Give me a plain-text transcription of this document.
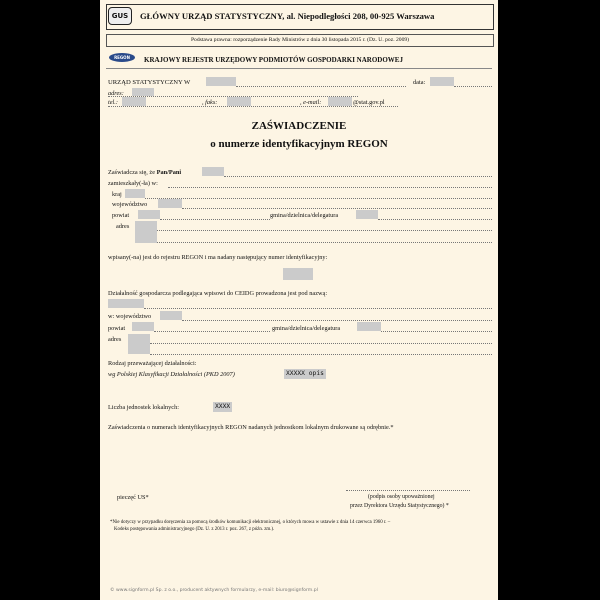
GUS	GŁÓWNY URZĄD STATYSTYCZNY, al. Niepodległości 208, 00-925 Warszawa
Podstawa prawna: rozporządzenie Rady Ministrów z dnia 30 listopada 2015 r. (Dz. U. poz. 2009)
REGON	KRAJOWY REJESTR URZĘDOWY PODMIOTÓW GOSPODARKI NARODOWEJ
URZĄD STATYSTYCZNY W	data:
adres:
tel.:	, faks:	, e-mail:	@stat.gov.pl
ZAŚWIADCZENIE
o numerze identyfikacyjnym REGON
Zaświadcza się, że Pan/Pani
zamieszkały(-ła) w:
kraj
województwo
powiat	gmina/dzielnica/delegatura
adres
wpisany(-na) jest do rejestru REGON i ma nadany następujący numer identyfikacyjny:
Działalność gospodarcza podlegająca wpisowi do CEIDG prowadzona jest pod nazwą:
w: województwo
powiat	gmina/dzielnica/delegatura
adres
Rodzaj przeważającej działalności:
wg Polskiej Klasyfikacji Działalności (PKD 2007)	XXXXX opis
Liczba jednostek lokalnych:	XXXX
Zaświadczenia o numerach identyfikacyjnych REGON nadanych jednostkom lokalnym drukowane są odrębnie.*
pieczęć US*	(podpis osoby upoważnionej
przez Dyrektora Urzędu Statystycznego) *
*Nie dotyczy w przypadku doręczenia za pomocą środków komunikacji elektronicznej, o których mowa w ustawie z dnia 14 czerwca 1960 r. –
Kodeks postępowania administracyjnego (Dz. U. z 2013 r. poz. 267, z późn. zm.).
© www.signform.pl Sp. z o.o., producent aktywnych formularzy, e-mail: biuro@signform.pl
